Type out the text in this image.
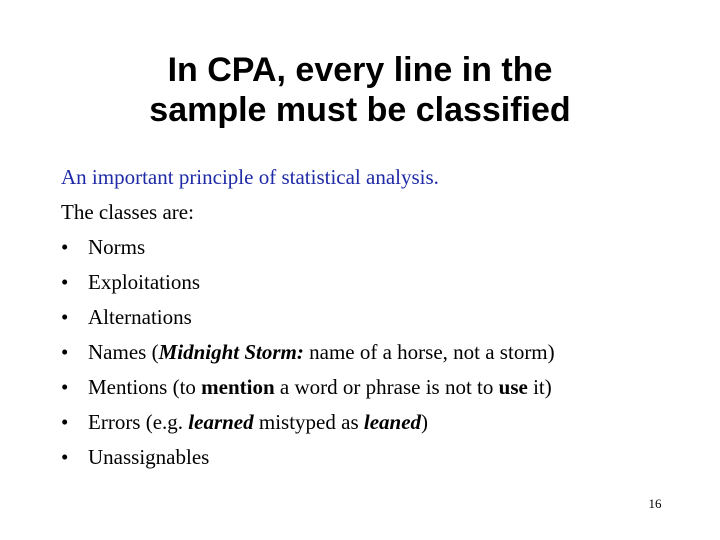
In CPA, every line in the
sample must be classified
An important principle of statistical analysis.
The classes are:
• Norms
• Exploitations
• Alternations
• Names (Midnight Storm: name of a horse, not a storm)
• Mentions (to mention a word or phrase is not to use it)
• Errors (e.g. learned mistyped as leaned)
• Unassignables
16
